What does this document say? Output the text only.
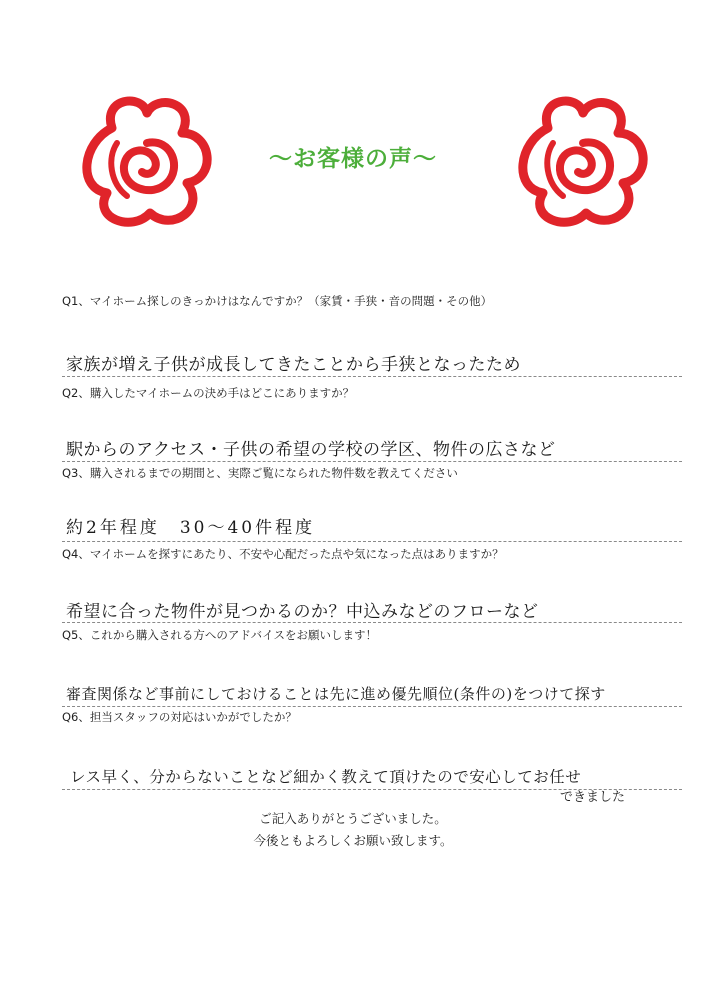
～お客様の声～
Q1、マイホーム探しのきっかけはなんですか？（家賃・手狭・音の問題・その他）
家族が増え子供が成長してきたことから手狭となったため
Q2、購入したマイホームの決め手はどこにありますか？
駅からのアクセス・子供の希望の学校の学区、物件の広さなど
Q3、購入されるまでの期間と、実際ご覧になられた物件数を教えてください
約2年程度　30～40件程度
Q4、マイホームを探すにあたり、不安や心配だった点や気になった点はありますか？
希望に合った物件が見つかるのか？中込みなどのフローなど
Q5、これから購入される方へのアドバイスをお願いします！
審査関係など事前にしておけることは先に進め優先順位(条件の)をつけて探す
Q6、担当スタッフの対応はいかがでしたか？
レス早く、分からないことなど細かく教えて頂けたので安心してお任せ
できました
ご記入ありがとうございました。
今後ともよろしくお願い致します。
